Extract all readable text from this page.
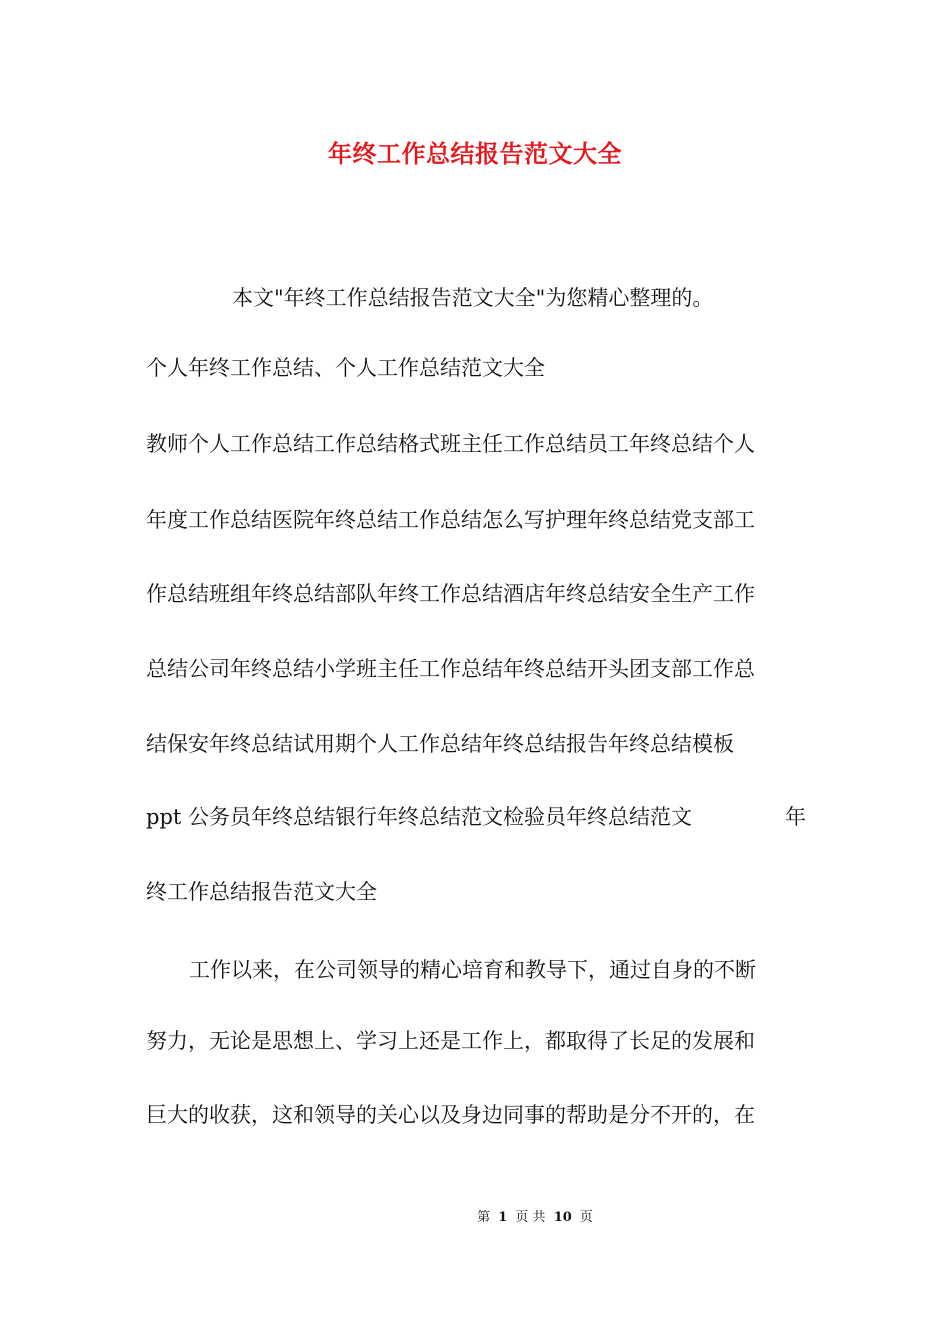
年终工作总结报告范文大全
本文"年终工作总结报告范文大全"为您精心整理的。
个人年终工作总结、个人工作总结范文大全
教师个人工作总结工作总结格式班主任工作总结员工年终总结个人
年度工作总结医院年终总结工作总结怎么写护理年终总结党支部工
作总结班组年终总结部队年终工作总结酒店年终总结安全生产工作
总结公司年终总结小学班主任工作总结年终总结开头团支部工作总
结保安年终总结试用期个人工作总结年终总结报告年终总结模板
ppt 公务员年终总结银行年终总结范文检验员年终总结范文	年
终工作总结报告范文大全
工作以来，在公司领导的精心培育和教导下，通过自身的不断
努力，无论是思想上、学习上还是工作上，都取得了长足的发展和
巨大的收获，这和领导的关心以及身边同事的帮助是分不开的，在
第 1 页 共 10 页
